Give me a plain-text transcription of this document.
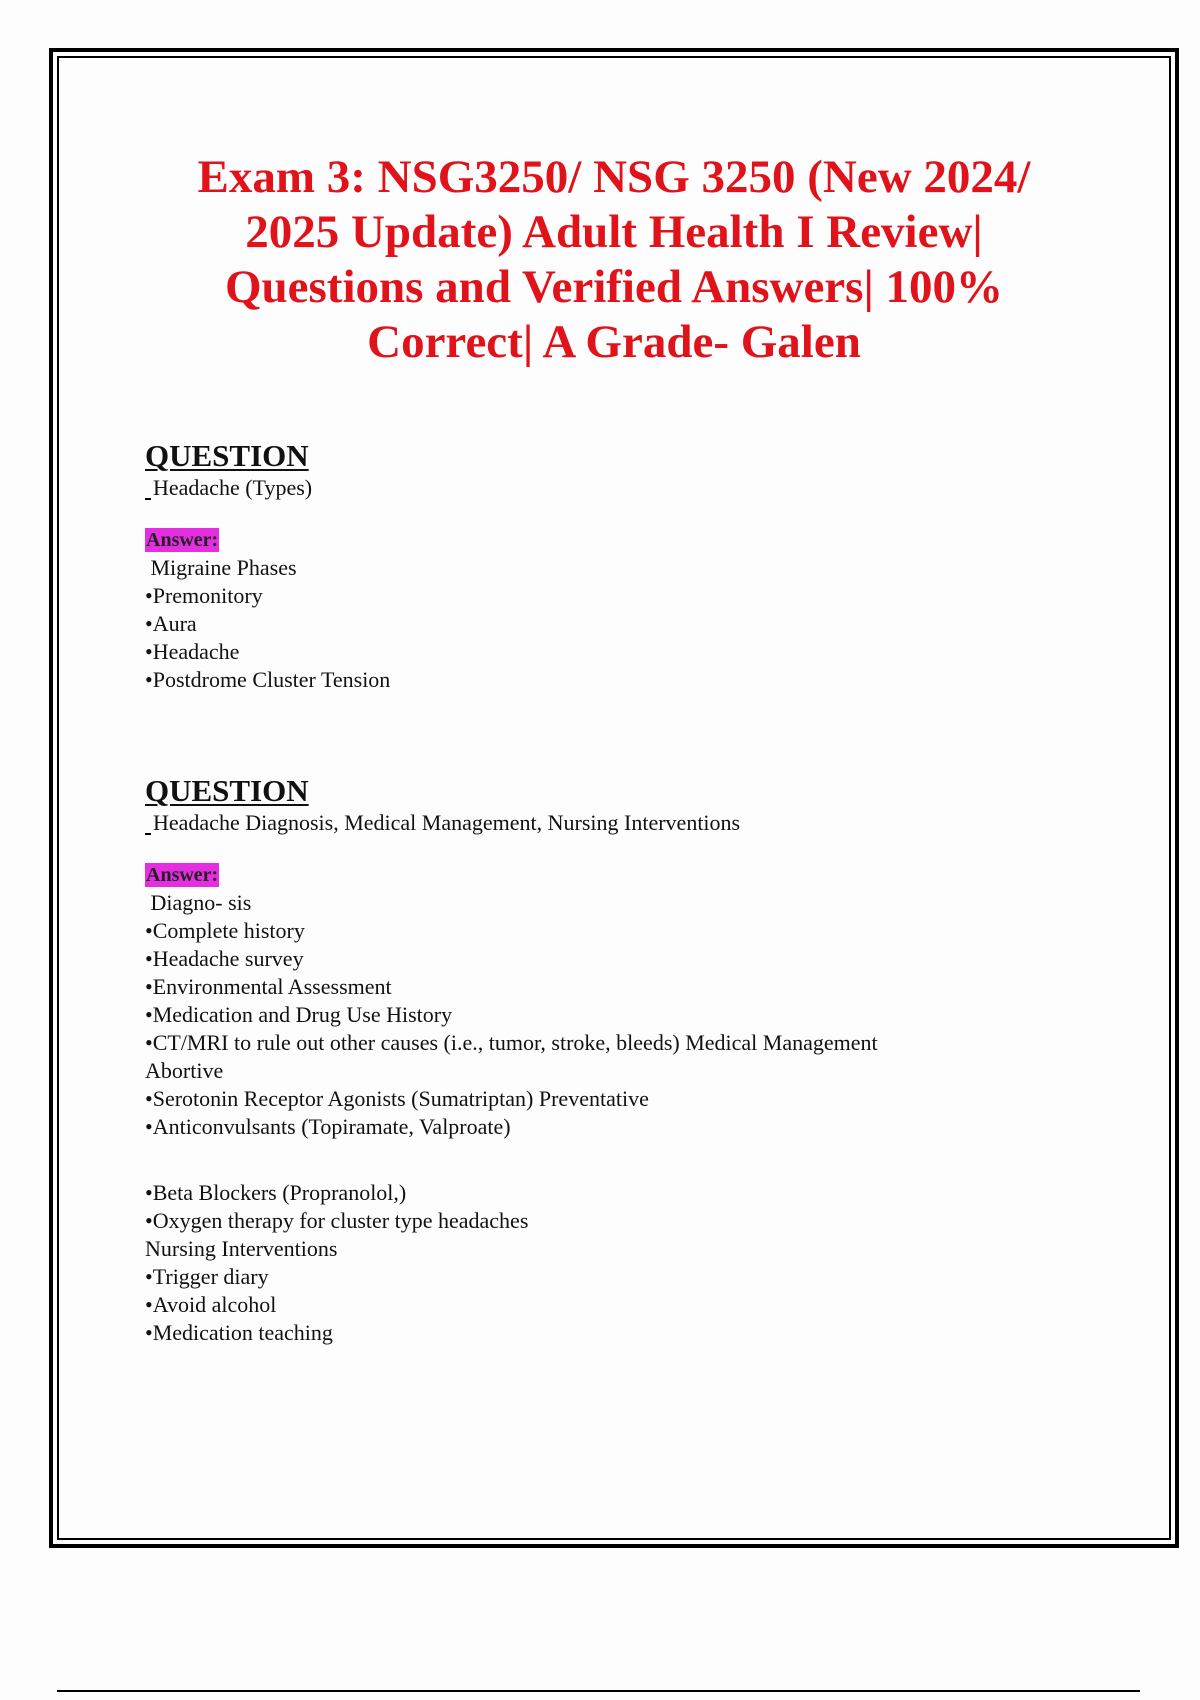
Exam 3: NSG3250/ NSG 3250 (New 2024/ 2025 Update) Adult Health I Review| Questions and Verified Answers| 100% Correct| A Grade- Galen

QUESTION

Headache (Types)

Answer:
Migraine Phases
•Premonitory
•Aura
•Headache
•Postdrome Cluster Tension

QUESTION

Headache Diagnosis, Medical Management, Nursing Interventions

Answer:
Diagno- sis
•Complete history
•Headache survey
•Environmental Assessment
•Medication and Drug Use History
•CT/MRI to rule out other causes (i.e., tumor, stroke, bleeds) Medical Management
Abortive
•Serotonin Receptor Agonists (Sumatriptan) Preventative
•Anticonvulsants (Topiramate, Valproate)
•Beta Blockers (Propranolol,)
•Oxygen therapy for cluster type headaches
Nursing Interventions
•Trigger diary
•Avoid alcohol
•Medication teaching
